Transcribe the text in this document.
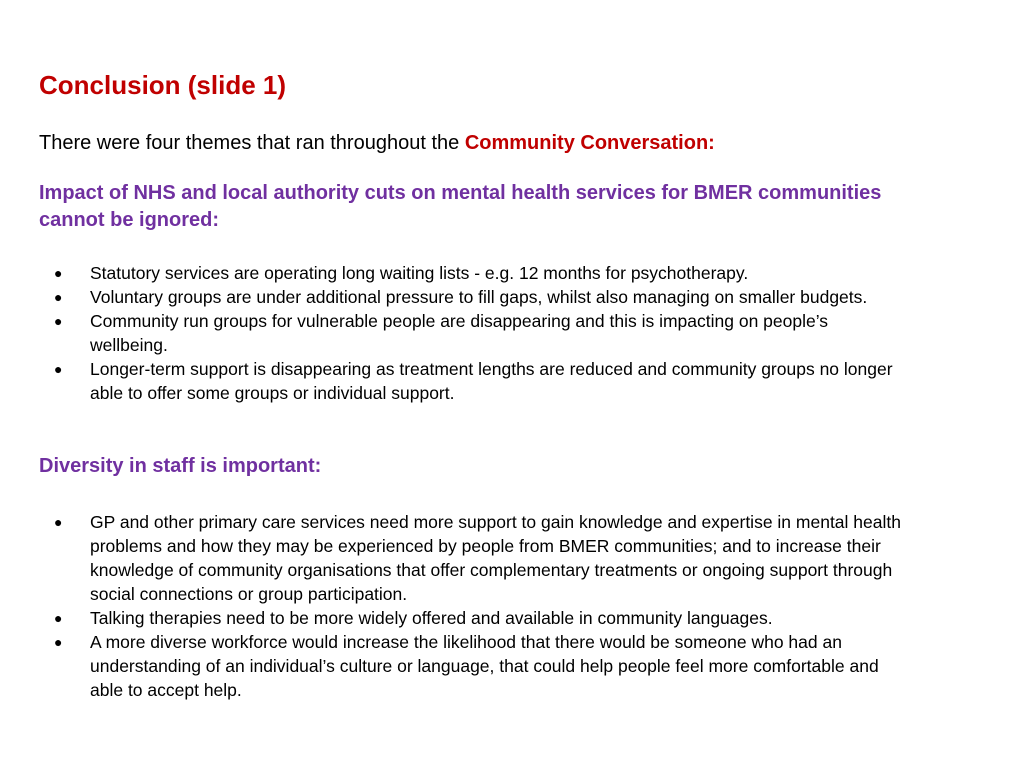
Conclusion (slide 1)

There were four themes that ran throughout the Community Conversation:

Impact of NHS and local authority cuts on mental health services for BMER communities cannot be ignored:
● Statutory services are operating long waiting lists - e.g. 12 months for psychotherapy.
● Voluntary groups are under additional pressure to fill gaps, whilst also managing on smaller budgets.
● Community run groups for vulnerable people are disappearing and this is impacting on people’s wellbeing.
● Longer-term support is disappearing as treatment lengths are reduced and community groups no longer able to offer some groups or individual support.
Diversity in staff is important:
● GP and other primary care services need more support to gain knowledge and expertise in mental health problems and how they may be experienced by people from BMER communities; and to increase their knowledge of community organisations that offer complementary treatments or ongoing support through social connections or group participation.
● Talking therapies need to be more widely offered and available in community languages.
● A more diverse workforce would increase the likelihood that there would be someone who had an understanding of an individual’s culture or language, that could help people feel more comfortable and able to accept help.
